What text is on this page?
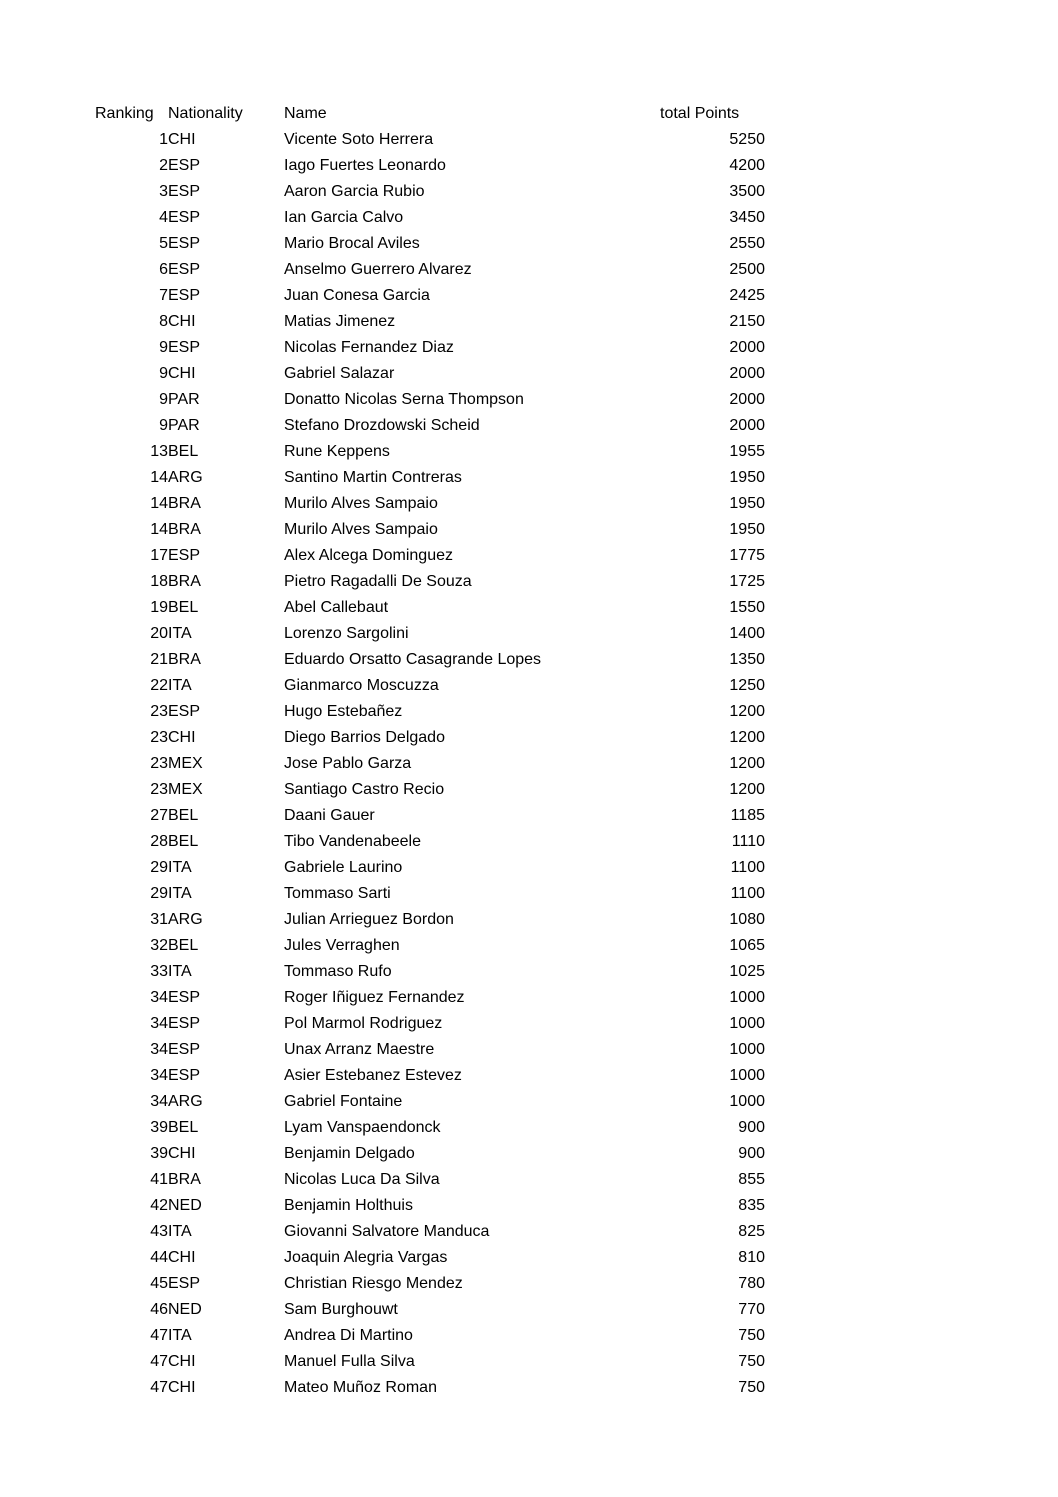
Ranking	Nationality	Name	total Points
1	CHI	Vicente Soto Herrera	5250
2	ESP	Iago Fuertes Leonardo	4200
3	ESP	Aaron Garcia Rubio	3500
4	ESP	Ian Garcia Calvo	3450
5	ESP	Mario Brocal Aviles	2550
6	ESP	Anselmo Guerrero Alvarez	2500
7	ESP	Juan Conesa Garcia	2425
8	CHI	Matias Jimenez	2150
9	ESP	Nicolas Fernandez Diaz	2000
9	CHI	Gabriel Salazar	2000
9	PAR	Donatto Nicolas Serna Thompson	2000
9	PAR	Stefano Drozdowski Scheid	2000
13	BEL	Rune Keppens	1955
14	ARG	Santino Martin Contreras	1950
14	BRA	Murilo Alves Sampaio	1950
14	BRA	Murilo Alves Sampaio	1950
17	ESP	Alex Alcega Dominguez	1775
18	BRA	Pietro Ragadalli De Souza	1725
19	BEL	Abel Callebaut	1550
20	ITA	Lorenzo Sargolini	1400
21	BRA	Eduardo Orsatto Casagrande Lopes	1350
22	ITA	Gianmarco Moscuzza	1250
23	ESP	Hugo Estebañez	1200
23	CHI	Diego Barrios Delgado	1200
23	MEX	Jose Pablo Garza	1200
23	MEX	Santiago Castro Recio	1200
27	BEL	Daani Gauer	1185
28	BEL	Tibo Vandenabeele	1110
29	ITA	Gabriele Laurino	1100
29	ITA	Tommaso Sarti	1100
31	ARG	Julian Arrieguez Bordon	1080
32	BEL	Jules Verraghen	1065
33	ITA	Tommaso Rufo	1025
34	ESP	Roger Iñiguez Fernandez	1000
34	ESP	Pol Marmol Rodriguez	1000
34	ESP	Unax Arranz Maestre	1000
34	ESP	Asier Estebanez Estevez	1000
34	ARG	Gabriel Fontaine	1000
39	BEL	Lyam Vanspaendonck	900
39	CHI	Benjamin Delgado	900
41	BRA	Nicolas Luca Da Silva	855
42	NED	Benjamin Holthuis	835
43	ITA	Giovanni Salvatore Manduca	825
44	CHI	Joaquin Alegria Vargas	810
45	ESP	Christian Riesgo Mendez	780
46	NED	Sam Burghouwt	770
47	ITA	Andrea Di Martino	750
47	CHI	Manuel Fulla Silva	750
47	CHI	Mateo Muñoz Roman	750
